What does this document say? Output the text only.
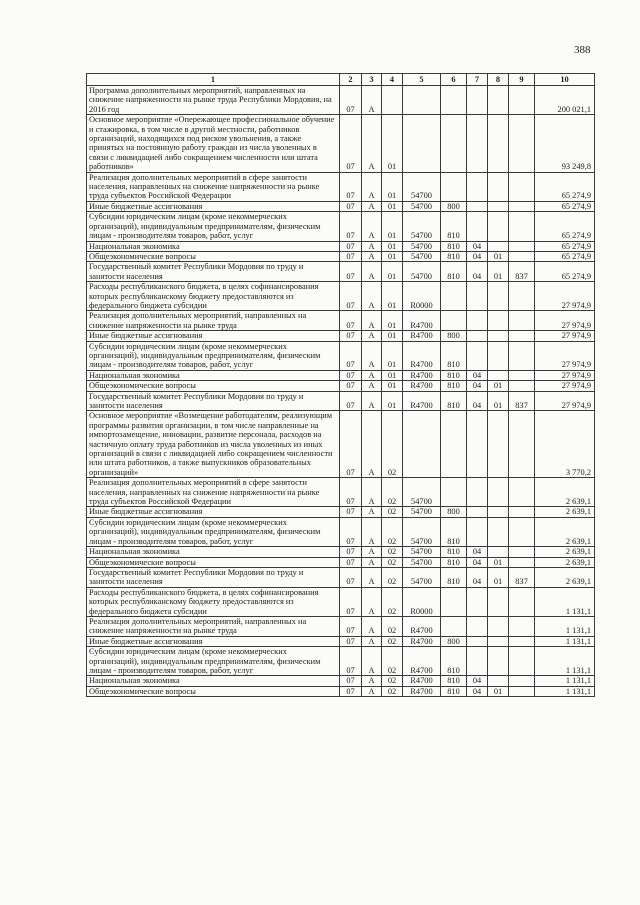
388
1	2	3	4	5	6	7	8	9	10
Программа дополнительных мероприятий, направленных на снижение напряженности на рынке труда Республики Мордовия, на 2016 год	07	А							200 021,1
Основное мероприятие «Опережающее профессиональное обучение и стажировка, в том числе в другой местности, работников организаций, находящихся под риском увольнения, а также принятых на постоянную работу граждан из числа уволенных в связи с ликвидацией либо сокращением численности или штата работников»	07	А	01						93 249,8
Реализация дополнительных мероприятий в сфере занятости населения, направленных на снижение напряженности на рынке труда субъектов Российской Федерации	07	А	01	54700					65 274,9
Иные бюджетные ассигнования	07	А	01	54700	800				65 274,9
Субсидии юридическим лицам (кроме некоммерческих организаций), индивидуальным предпринимателям, физическим лицам - производителям товаров, работ, услуг	07	А	01	54700	810				65 274,9
Национальная экономика	07	А	01	54700	810	04			65 274,9
Общеэкономические вопросы	07	А	01	54700	810	04	01		65 274,9
Государственный комитет Республики Мордовия по труду и занятости населения	07	А	01	54700	810	04	01	837	65 274,9
Расходы республиканского бюджета, в целях софинансирования которых республиканскому бюджету предоставляются из федерального бюджета субсидии	07	А	01	R0000					27 974,9
Реализация дополнительных мероприятий, направленных на снижение напряженности на рынке труда	07	А	01	R4700					27 974,9
Иные бюджетные ассигнования	07	А	01	R4700	800				27 974,9
Субсидии юридическим лицам (кроме некоммерческих организаций), индивидуальным предпринимателям, физическим лицам - производителям товаров, работ, услуг	07	А	01	R4700	810				27 974,9
Национальная экономика	07	А	01	R4700	810	04			27 974,9
Общеэкономические вопросы	07	А	01	R4700	810	04	01		27 974,9
Государственный комитет Республики Мордовия по труду и занятости населения	07	А	01	R4700	810	04	01	837	27 974,9
Основное мероприятие «Возмещение работодателям, реализующим программы развития организации, в том числе направленные на импортозамещение, инновации, развитие персонала, расходов на частичную оплату труда работников из числа уволенных из иных организаций в связи с ликвидацией либо сокращением численности или штата работников, а также выпускников образовательных организаций»	07	А	02						3 770,2
Реализация дополнительных мероприятий в сфере занятости населения, направленных на снижение напряженности на рынке труда субъектов Российской Федерации	07	А	02	54700					2 639,1
Иные бюджетные ассигнования	07	А	02	54700	800				2 639,1
Субсидии юридическим лицам (кроме некоммерческих организаций), индивидуальным предпринимателям, физическим лицам - производителям товаров, работ, услуг	07	А	02	54700	810				2 639,1
Национальная экономика	07	А	02	54700	810	04			2 639,1
Общеэкономические вопросы	07	А	02	54700	810	04	01		2 639,1
Государственный комитет Республики Мордовия по труду и занятости населения	07	А	02	54700	810	04	01	837	2 639,1
Расходы республиканского бюджета, в целях софинансирования которых республиканскому бюджету предоставляются из федерального бюджета субсидии	07	А	02	R0000					1 131,1
Реализация дополнительных мероприятий, направленных на снижение напряженности на рынке труда	07	А	02	R4700					1 131,1
Иные бюджетные ассигнования	07	А	02	R4700	800				1 131,1
Субсидии юридическим лицам (кроме некоммерческих организаций), индивидуальным предпринимателям, физическим лицам - производителям товаров, работ, услуг	07	А	02	R4700	810				1 131,1
Национальная экономика	07	А	02	R4700	810	04			1 131,1
Общеэкономические вопросы	07	А	02	R4700	810	04	01		1 131,1
